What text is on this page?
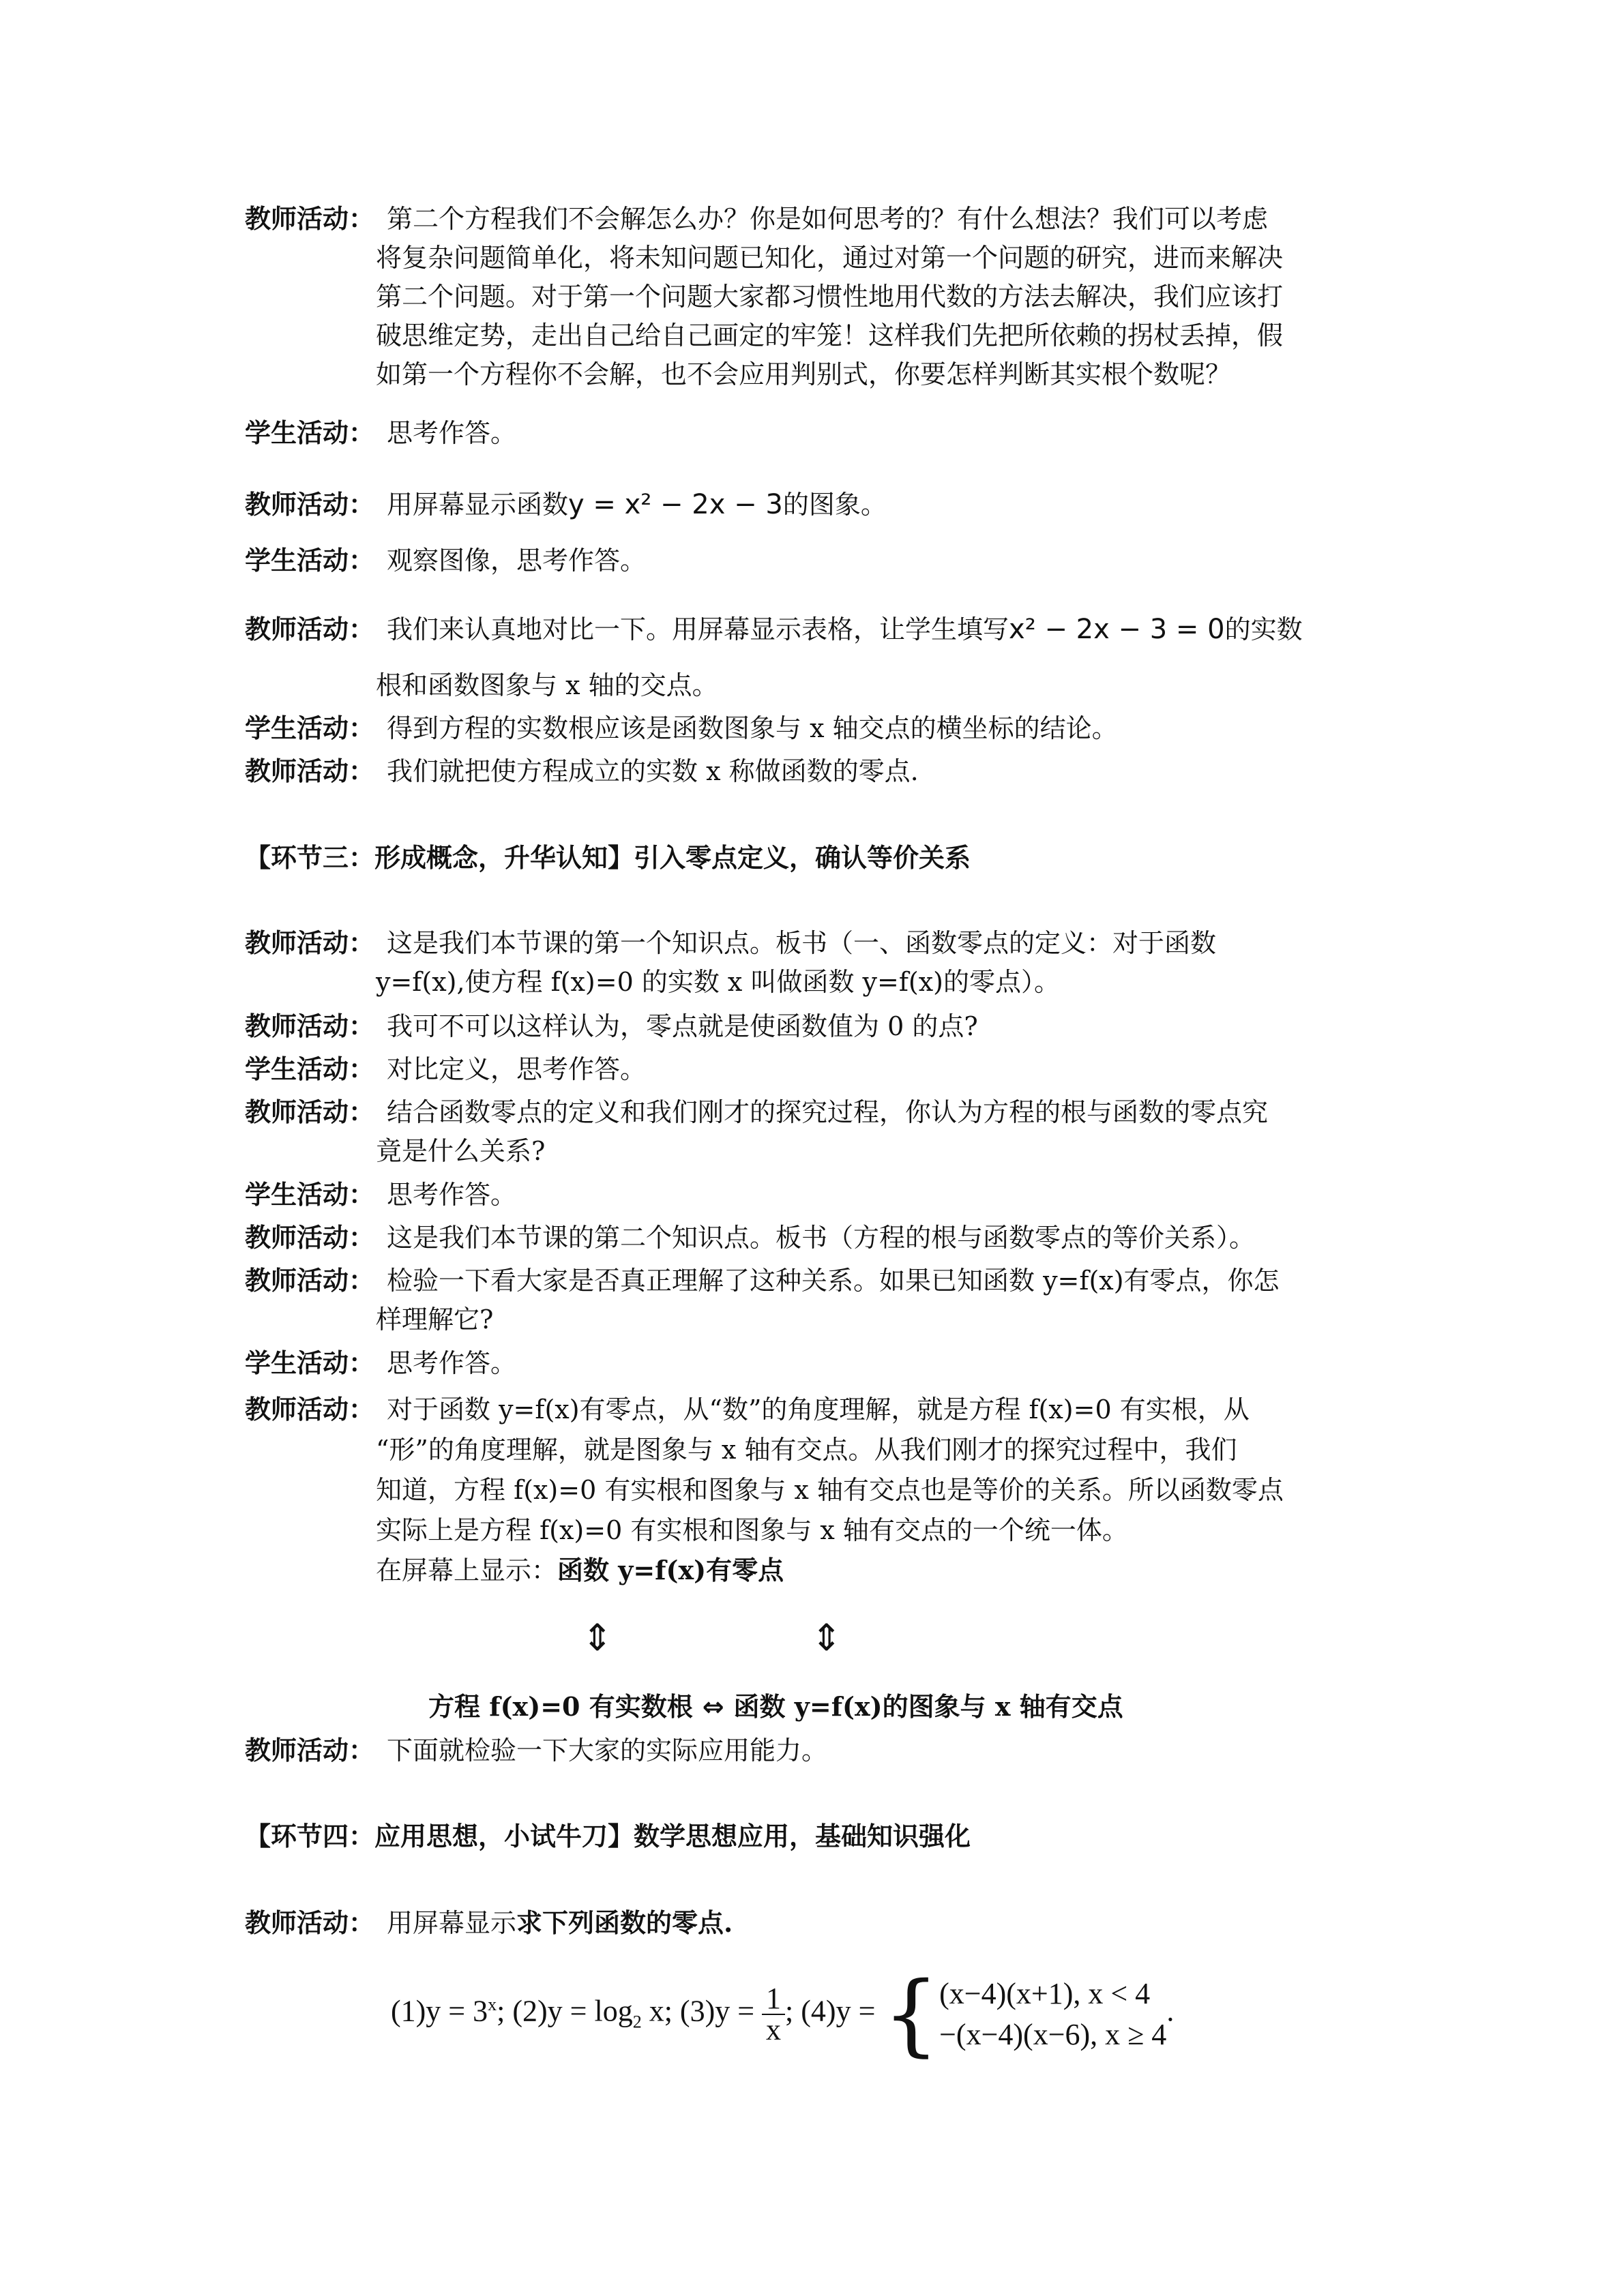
教师活动 ：	第二个方程我们不会解怎么办？你是如何思考的？有什么想法？我们可以考虑
将复杂问题简单化，将未知问题已知化，通过对第一个问题的研究，进而来解决
第二个问题。对于第一个问题大家都习惯性地用代数的方法去解决，我们应该打
破思维定势，走出自己给自己画定的牢笼！这样我们先把所依赖的拐杖丢掉，假
如第一个方程你不会解，也不会应用判别式，你要怎样判断其实根个数呢？
学生活动 ：	思考作答。
教师活动 ：	用屏幕显示函数y = x² − 2x − 3的图象。
学生活动 ：	观察图像，思考作答。
教师活动 ：	我们来认真地对比一下。用屏幕显示表格，让学生填写x² − 2x − 3 = 0的实数
根和函数图象与 x 轴的交点。
学生活动 ：	得到方程的实数根应该是函数图象与 x 轴交点的横坐标的结论。
教师活动 ：	我们就把使方程成立的实数 x 称做函数的零点.
【环节三：形成概念，升华认知】引入零点定义，确认等价关系
教师活动 ：	这是我们本节课的第一个知识点。板书（一、函数零点的定义：对于函数
y=f(x),使方程 f(x)=0 的实数 x 叫做函数 y=f(x)的零点）。
教师活动 ：	我可不可以这样认为，零点就是使函数值为 0 的点?
学生活动 ：	对比定义，思考作答。
教师活动 ：	结合函数零点的定义和我们刚才的探究过程，你认为方程的根与函数的零点究
竟是什么关系?
学生活动 ：	思考作答。
教师活动 ：	这是我们本节课的第二个知识点。板书（方程的根与函数零点的等价关系）。
教师活动 ：	检验一下看大家是否真正理解了这种关系。如果已知函数 y=f(x)有零点，你怎
样理解它?
学生活动 ：	思考作答。
教师活动 ：	对于函数 y=f(x)有零点，从“数”的角度理解，就是方程 f(x)=0 有实根，从
“形”的角度理解，就是图象与 x 轴有交点。从我们刚才的探究过程中，我们
知道，方程 f(x)=0 有实根和图象与 x 轴有交点也是等价的关系。所以函数零点
实际上是方程 f(x)=0 有实根和图象与 x 轴有交点的一个统一体。
在屏幕上显示：函数 y=f(x)有零点
⇕	⇕
方程 f(x)=0 有实数根 ⇔ 函数 y=f(x)的图象与 x 轴有交点
教师活动 ：	下面就检验一下大家的实际应用能力。
【环节四：应用思想，小试牛刀】数学思想应用，基础知识强化
教师活动 ：	用屏幕显示求下列函数的零点.
$(1)y = 3^x$; $(2)y = \log_2 x$; $(3)y = \frac{1}{x}$ ; (4)y = { (x−4)(x+1), x < 4
−(x−4)(x−6), x ≥ 4
.
